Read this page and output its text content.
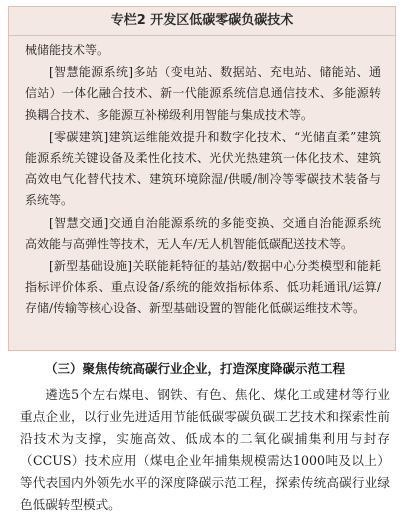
专栏2 开发区低碳零碳负碳技术

械储能技术等。

[智慧能源系统]多站（变电站、数据站、充电站、储能站、通信站）一体化融合技术、新一代能源系统信息通信技术、多能源转换耦合技术、多能源互补梯级利用智能与集成技术等。

[零碳建筑]建筑运维能效提升和数字化技术、“光储直柔”建筑能源系统关键设备及柔性化技术、光伏光热建筑一体化技术、建筑高效电气化替代技术、建筑环境除湿/供暖/制冷等零碳技术装备与系统等。

[智慧交通]交通自治能源系统的多能变换、交通自治能源系统高效能与高弹性等技术，无人车/无人机智能低碳配送技术等。

[新型基础设施]关联能耗特征的基站/数据中心分类模型和能耗指标评价体系、重点设备/系统的能效指标体系、低功耗通讯/运算/存储/传输等核心设备、新型基础设置的智能化低碳运维技术等。

（三）聚焦传统高碳行业企业，打造深度降碳示范工程

遴选5个左右煤电、钢铁、有色、焦化、煤化工或建材等行业重点企业，以行业先进适用节能低碳零碳负碳工艺技术和探索性前沿技术为支撑，实施高效、低成本的二氧化碳捕集利用与封存（CCUS）技术应用（煤电企业年捕集规模需达1000吨及以上）等代表国内外领先水平的深度降碳示范工程，探索传统高碳行业绿色低碳转型模式。
